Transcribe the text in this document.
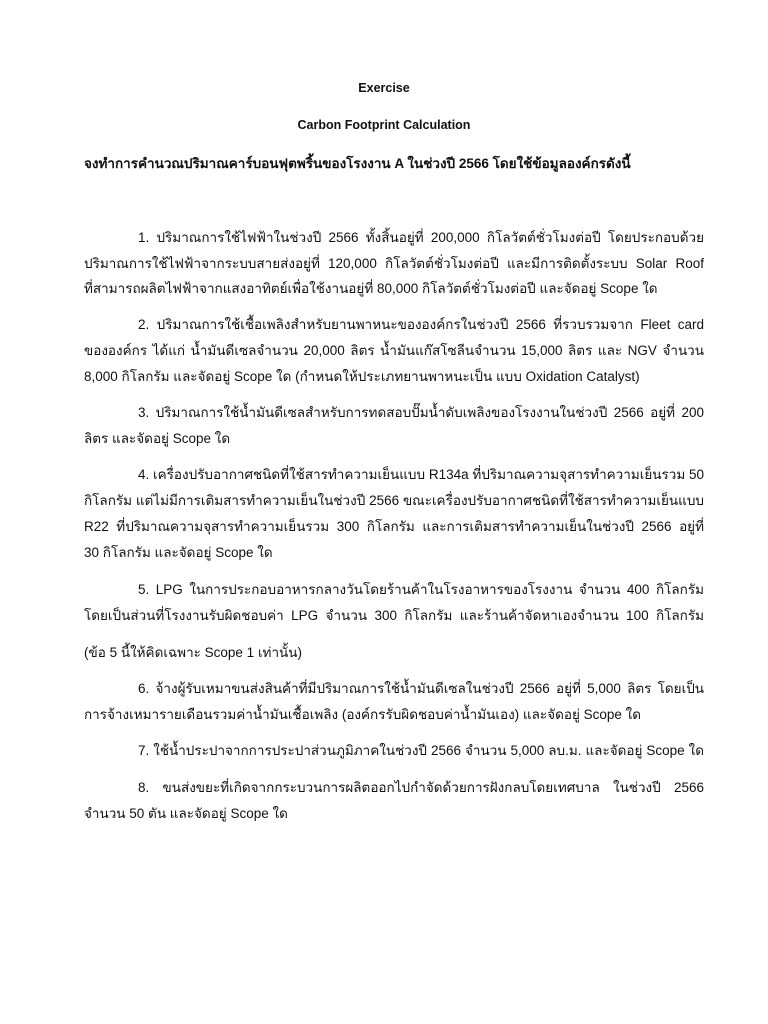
Exercise
Carbon Footprint Calculation
จงทำการคำนวณปริมาณคาร์บอนฟุตพริ้นของโรงงาน A ในช่วงปี 2566 โดยใช้ข้อมูลองค์กรดังนี้
1. ปริมาณการใช้ไฟฟ้าในช่วงปี 2566 ทั้งสิ้นอยู่ที่ 200,000 กิโลวัตต์ชั่วโมงต่อปี โดยประกอบด้วย
ปริมาณการใช้ไฟฟ้าจากระบบสายส่งอยู่ที่ 120,000 กิโลวัตต์ชั่วโมงต่อปี และมีการติดตั้งระบบ Solar Roof
ที่สามารถผลิตไฟฟ้าจากแสงอาทิตย์เพื่อใช้งานอยู่ที่ 80,000 กิโลวัตต์ชั่วโมงต่อปี และจัดอยู่ Scope ใด
2. ปริมาณการใช้เชื้อเพลิงสำหรับยานพาหนะขององค์กรในช่วงปี 2566 ที่รวบรวมจาก Fleet card
ขององค์กร ได้แก่ น้ำมันดีเซลจำนวน 20,000 ลิตร น้ำมันแก๊สโซลีนจำนวน 15,000 ลิตร และ NGV จำนวน
8,000 กิโลกรัม และจัดอยู่ Scope ใด (กำหนดให้ประเภทยานพาหนะเป็น แบบ Oxidation Catalyst)
3. ปริมาณการใช้น้ำมันดีเซลสำหรับการทดสอบปั๊มน้ำดับเพลิงของโรงงานในช่วงปี 2566 อยู่ที่ 200
ลิตร และจัดอยู่ Scope ใด
4. เครื่องปรับอากาศชนิดที่ใช้สารทำความเย็นแบบ R134a ที่ปริมาณความจุสารทำความเย็นรวม 50
กิโลกรัม แต่ไม่มีการเติมสารทำความเย็นในช่วงปี 2566 ขณะเครื่องปรับอากาศชนิดที่ใช้สารทำความเย็นแบบ
R22 ที่ปริมาณความจุสารทำความเย็นรวม 300 กิโลกรัม และการเติมสารทำความเย็นในช่วงปี 2566 อยู่ที่
30 กิโลกรัม และจัดอยู่ Scope ใด
5. LPG ในการประกอบอาหารกลางวันโดยร้านค้าในโรงอาหารของโรงงาน จำนวน 400 กิโลกรัม
โดยเป็นส่วนที่โรงงานรับผิดชอบค่า LPG จำนวน 300 กิโลกรัม และร้านค้าจัดหาเองจำนวน 100 กิโลกรัม
(ข้อ 5 นี้ให้คิดเฉพาะ Scope 1 เท่านั้น)
6. จ้างผู้รับเหมาขนส่งสินค้าที่มีปริมาณการใช้น้ำมันดีเซลในช่วงปี 2566 อยู่ที่ 5,000 ลิตร โดยเป็น
การจ้างเหมารายเดือนรวมค่าน้ำมันเชื้อเพลิง (องค์กรรับผิดชอบค่าน้ำมันเอง) และจัดอยู่ Scope ใด
7. ใช้น้ำประปาจากการประปาส่วนภูมิภาคในช่วงปี 2566 จำนวน 5,000 ลบ.ม. และจัดอยู่ Scope ใด
8. ขนส่งขยะที่เกิดจากกระบวนการผลิตออกไปกำจัดด้วยการฝังกลบโดยเทศบาล ในช่วงปี 2566
จำนวน 50 ตัน และจัดอยู่ Scope ใด
